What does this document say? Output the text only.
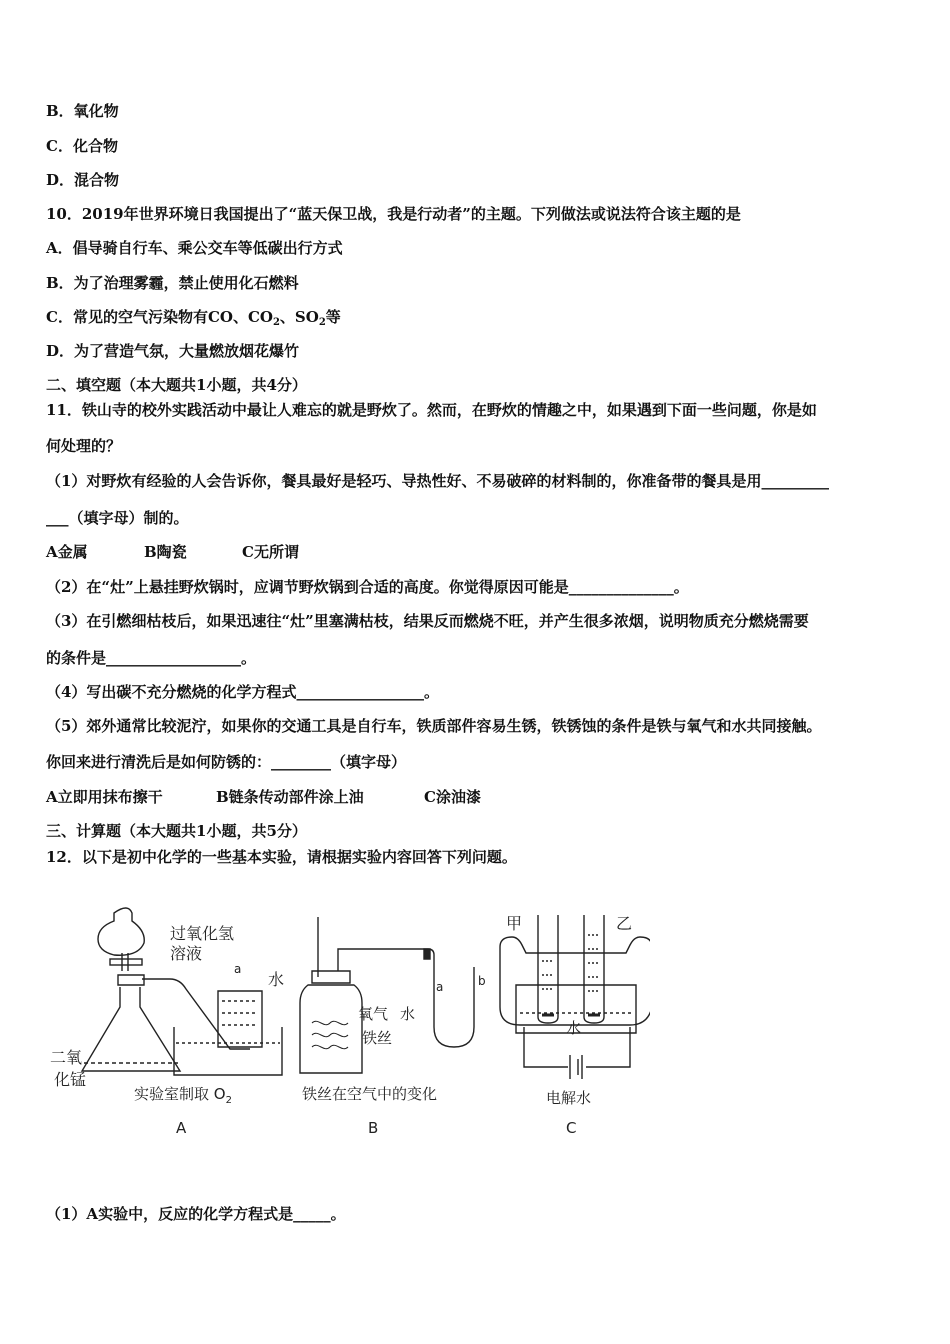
B．氧化物
C．化合物
D．混合物
10．2019年世界环境日我国提出了“蓝天保卫战，我是行动者”的主题。下列做法或说法符合该主题的是
A．倡导骑自行车、乘公交车等低碳出行方式
B．为了治理雾霾，禁止使用化石燃料
C．常见的空气污染物有CO、$CO_2$、$SO_2$等
D．为了营造气氛，大量燃放烟花爆竹
二、填空题（本大题共1小题，共4分）
11．铁山寺的校外实践活动中最让人难忘的就是野炊了。然而，在野炊的情趣之中，如果遇到下面一些问题，你是如
何处理的？
（1）对野炊有经验的人会告诉你，餐具最好是轻巧、导热性好、不易破碎的材料制的，你准备带的餐具是用_________
___（填字母）制的。
A金属	B陶瓷	C无所谓
（2）在“灶”上悬挂野炊锅时，应调节野炊锅到合适的高度。你觉得原因可能是______________。
（3）在引燃细枯枝后，如果迅速往“灶”里塞满枯枝，结果反而燃烧不旺，并产生很多浓烟，说明物质充分燃烧需要
的条件是__________________。
（4）写出碳不充分燃烧的化学方程式_________________。
（5）郊外通常比较泥泞，如果你的交通工具是自行车，铁质部件容易生锈，铁锈蚀的条件是铁与氧气和水共同接触。
你回来进行清洗后是如何防锈的：________（填字母）
A立即用抹布擦干	B链条传动部件涂上油	C涂油漆
三、计算题（本大题共1小题，共5分）
12．以下是初中化学的一些基本实验，请根据实验内容回答下列问题。
过氧化氢
溶液
二氧
化锰
a
水
实验室制取 $O_2$
A
氧气 水
铁丝
a	b
铁丝在空气中的变化
B
甲	乙
水
电解水
C
（1）A实验中，反应的化学方程式是_____。
